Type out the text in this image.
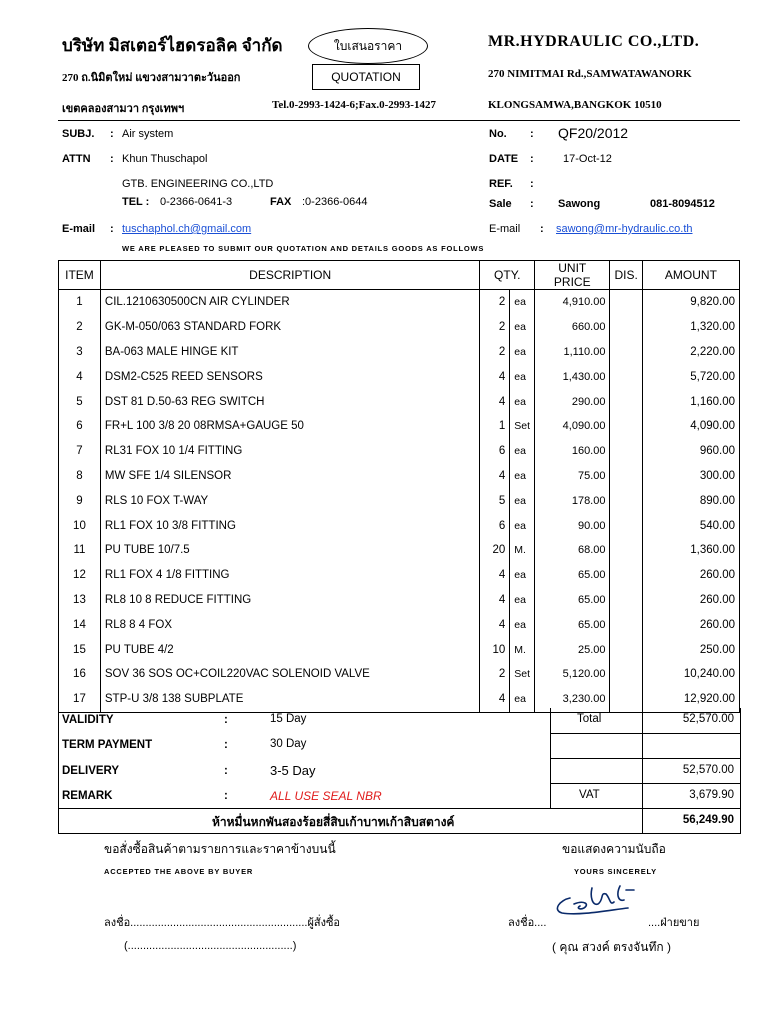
บริษัท มิสเตอร์ไฮดรอลิค จำกัด
270 ถ.นิมิตใหม่ แขวงสามวาตะวันออก
เขตคลองสามวา กรุงเทพฯ	Tel.0-2993-1424-6;Fax.0-2993-1427
ใบเสนอราคา
QUOTATION
MR.HYDRAULIC CO.,LTD.
270 NIMITMAI Rd.,SAMWATAWANORK
KLONGSAMWA,BANGKOK 10510
SUBJ. : Air system
ATTN : Khun Thuschapol
GTB. ENGINEERING CO.,LTD
TEL : 0-2366-0641-3	FAX :0-2366-0644
E-mail : tuschaphol.ch@gmail.com
WE ARE PLEASED TO SUBMIT OUR QUOTATION AND DETAILS GOODS AS FOLLOWS
No. : QF20/2012
DATE :	17-Oct-12
REF. :
Sale : Sawong	081-8094512
E-mail : sawong@mr-hydraulic.co.th
ITEM	DESCRIPTION	QTY.		UNIT PRICE	DIS.	AMOUNT
1	CIL.1210630500CN AIR CYLINDER	2	ea	4,910.00		9,820.00
2	GK-M-050/063 STANDARD FORK	2	ea	660.00		1,320.00
3	BA-063 MALE HINGE KIT	2	ea	1,110.00		2,220.00
4	DSM2-C525 REED SENSORS	4	ea	1,430.00		5,720.00
5	DST 81 D.50-63 REG SWITCH	4	ea	290.00		1,160.00
6	FR+L 100 3/8 20 08RMSA+GAUGE 50	1	Set	4,090.00		4,090.00
7	RL31 FOX 10 1/4 FITTING	6	ea	160.00		960.00
8	MW SFE 1/4 SILENSOR	4	ea	75.00		300.00
9	RLS 10 FOX T-WAY	5	ea	178.00		890.00
10	RL1 FOX 10 3/8 FITTING	6	ea	90.00		540.00
11	PU TUBE 10/7.5	20	M.	68.00		1,360.00
12	RL1 FOX 4 1/8 FITTING	4	ea	65.00		260.00
13	RL8 10 8 REDUCE FITTING	4	ea	65.00		260.00
14	RL8 8 4 FOX	4	ea	65.00		260.00
15	PU TUBE 4/2	10	M.	25.00		250.00
16	SOV 36 SOS OC+COIL220VAC SOLENOID VALVE	2	Set	5,120.00		10,240.00
17	STP-U 3/8 138 SUBPLATE	4	ea	3,230.00		12,920.00
VALIDITY	:	15 Day	Total	52,570.00
TERM PAYMENT	:	30 Day
DELIVERY	:	3-5 Day	52,570.00
REMARK	:	ALL USE SEAL NBR	VAT	3,679.90
ห้าหมื่นหกพันสองร้อยสี่สิบเก้าบาทเก้าสิบสตางค์	56,249.90
ขอสั่งซื้อสินค้าตามรายการและราคาข้างบนนี้
ACCEPTED THE ABOVE BY BUYER
ขอแสดงความนับถือ
YOURS SINCERELY
ลงชื่อ..........................................................ผู้สั่งซื้อ
(......................................................)
ลงชื่อ....	....ฝ่ายขาย
( คุณ สวงค์ ตรงจันทึก )
